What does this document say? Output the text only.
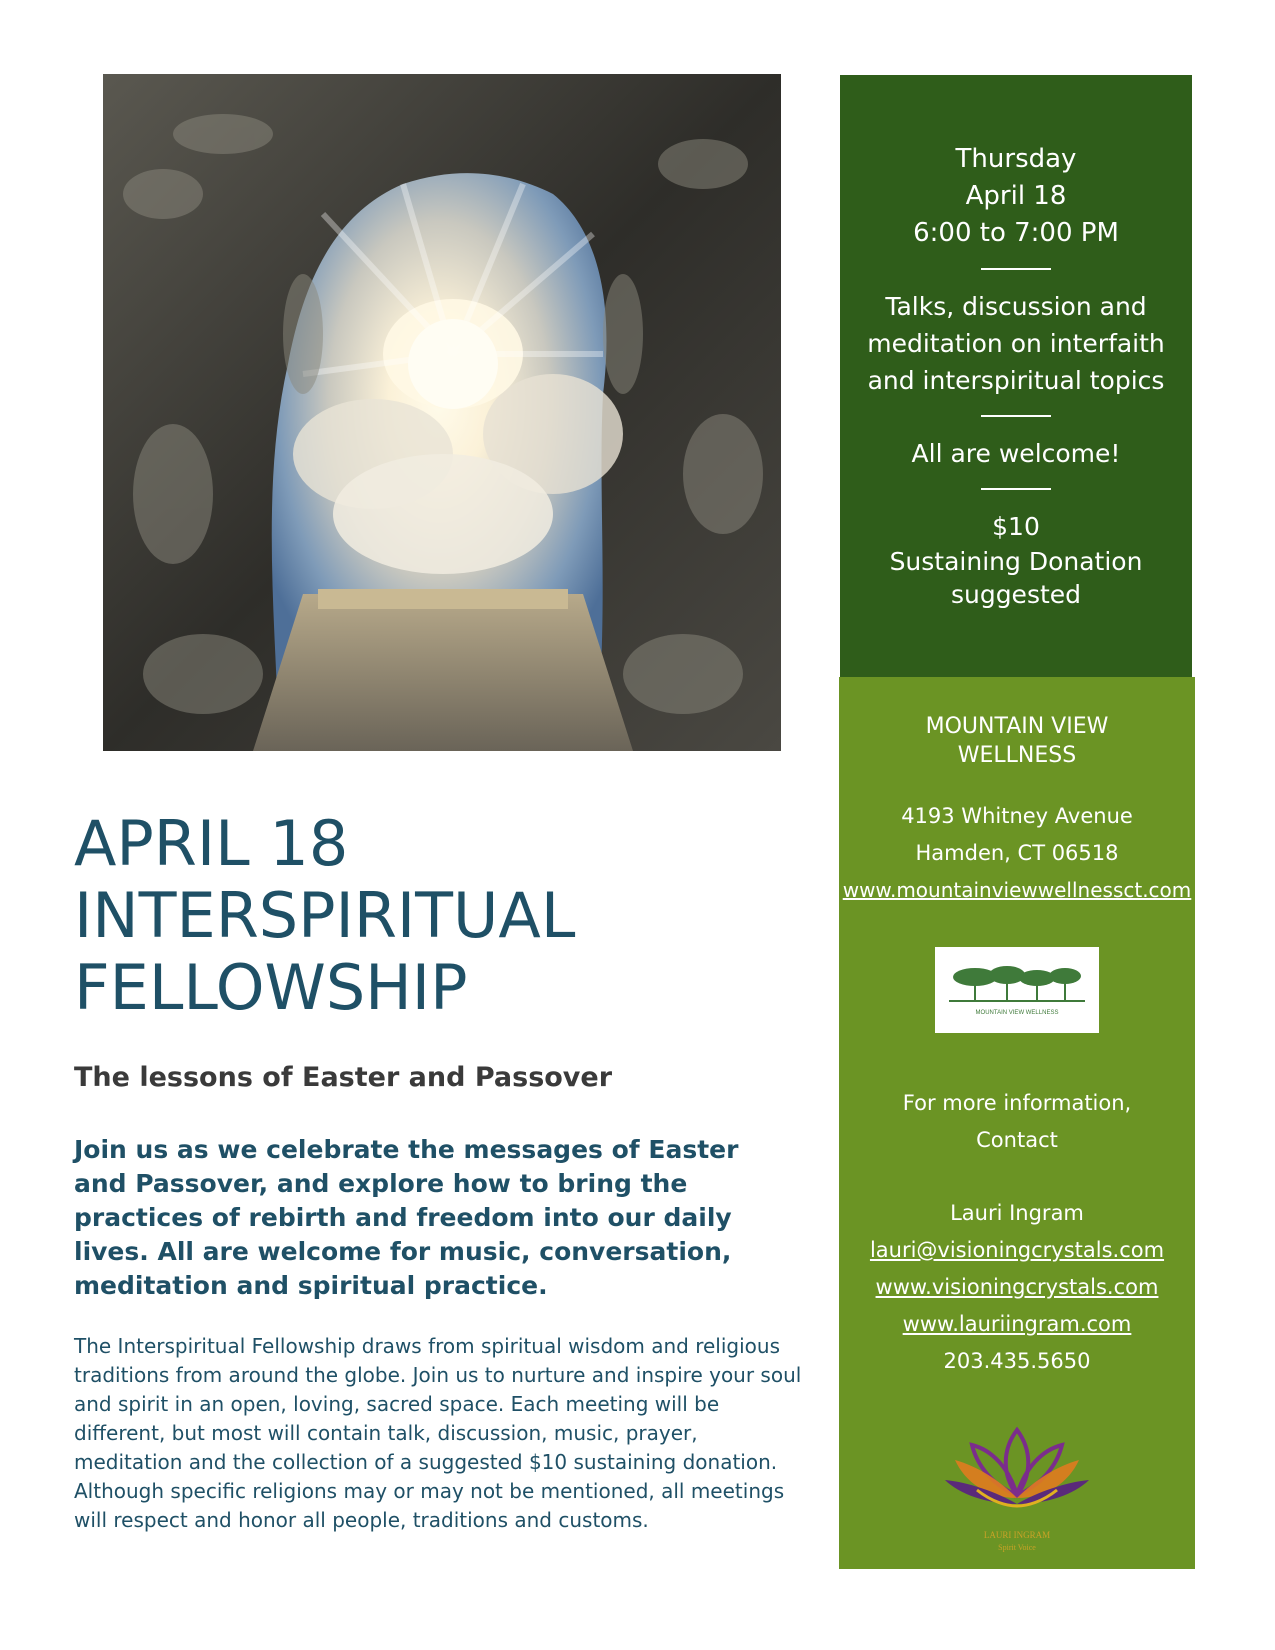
Thursday
April 18
6:00 to 7:00 PM
Talks, discussion and meditation on interfaith and interspiritual topics
All are welcome!
$10
Sustaining Donation
suggested
MOUNTAIN VIEW
WELLNESS
4193 Whitney Avenue
Hamden, CT 06518
www.mountainviewwellnessct.com
MOUNTAIN VIEW WELLNESS
For more information,
Contact
Lauri Ingram
lauri@visioningcrystals.com
www.visioningcrystals.com
www.lauriingram.com
203.435.5650
LAURI INGRAM
Spirit Voice
APRIL 18
INTERSPIRITUAL
FELLOWSHIP
The lessons of Easter and Passover
Join us as we celebrate the messages of Easter and Passover, and explore how to bring the practices of rebirth and freedom into our daily lives. All are welcome for music, conversation, meditation and spiritual practice.
The Interspiritual Fellowship draws from spiritual wisdom and religious traditions from around the globe. Join us to nurture and inspire your soul and spirit in an open, loving, sacred space. Each meeting will be different, but most will contain talk, discussion, music, prayer, meditation and the collection of a suggested $10 sustaining donation. Although specific religions may or may not be mentioned, all meetings will respect and honor all people, traditions and customs.
